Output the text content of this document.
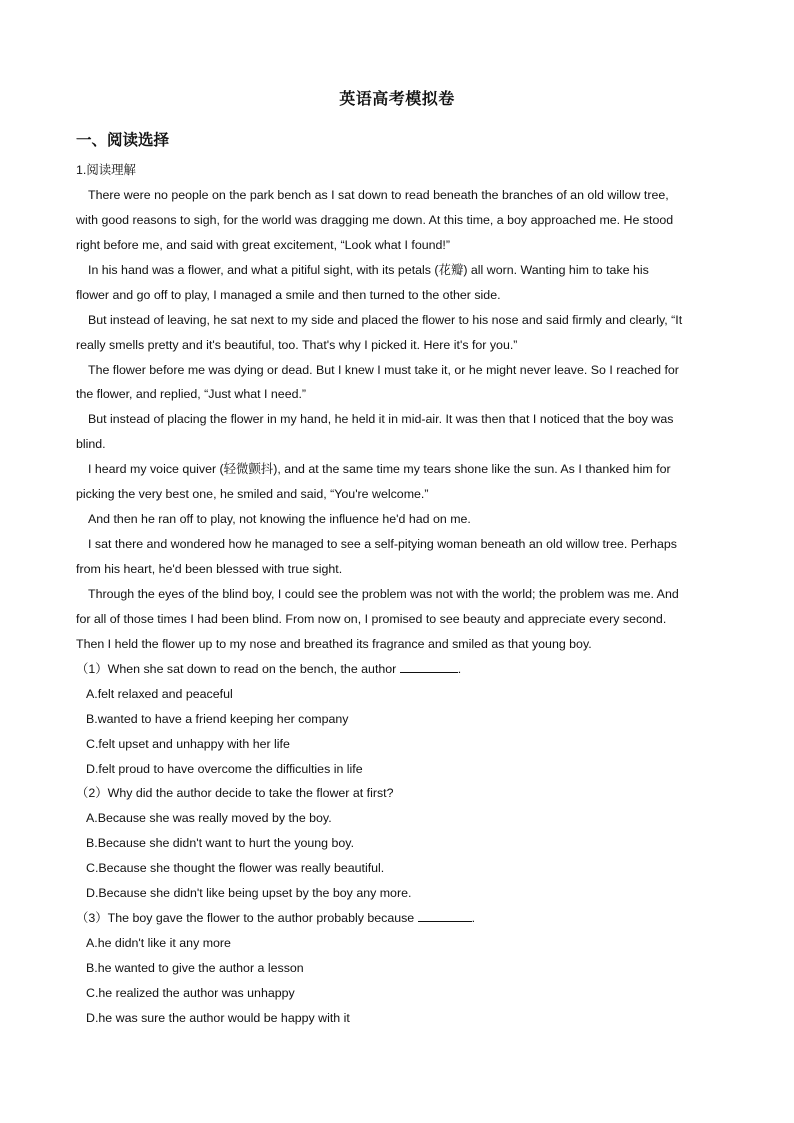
英语高考模拟卷
一、阅读选择
1.阅读理解
There were no people on the park bench as I sat down to read beneath the branches of an old willow tree,
with good reasons to sigh, for the world was dragging me down. At this time, a boy approached me. He stood
right before me, and said with great excitement, “Look what I found!”
In his hand was a flower, and what a pitiful sight, with its petals (花瓣) all worn. Wanting him to take his
flower and go off to play, I managed a smile and then turned to the other side.
But instead of leaving, he sat next to my side and placed the flower to his nose and said firmly and clearly, “It
really smells pretty and it's beautiful, too. That's why I picked it. Here it's for you.”
The flower before me was dying or dead. But I knew I must take it, or he might never leave. So I reached for
the flower, and replied, “Just what I need.”
But instead of placing the flower in my hand, he held it in mid-air. It was then that I noticed that the boy was
blind.
I heard my voice quiver (轻微颤抖), and at the same time my tears shone like the sun. As I thanked him for
picking the very best one, he smiled and said, “You're welcome.”
And then he ran off to play, not knowing the influence he'd had on me.
I sat there and wondered how he managed to see a self-pitying woman beneath an old willow tree. Perhaps
from his heart, he'd been blessed with true sight.
Through the eyes of the blind boy, I could see the problem was not with the world; the problem was me. And
for all of those times I had been blind. From now on, I promised to see beauty and appreciate every second.
Then I held the flower up to my nose and breathed its fragrance and smiled as that young boy.
（1）When she sat down to read on the bench, the author	.
A.felt relaxed and peaceful
B.wanted to have a friend keeping her company
C.felt upset and unhappy with her life
D.felt proud to have overcome the difficulties in life
（2）Why did the author decide to take the flower at first?
A.Because she was really moved by the boy.
B.Because she didn't want to hurt the young boy.
C.Because she thought the flower was really beautiful.
D.Because she didn't like being upset by the boy any more.
（3）The boy gave the flower to the author probably because	.
A.he didn't like it any more
B.he wanted to give the author a lesson
C.he realized the author was unhappy
D.he was sure the author would be happy with it
